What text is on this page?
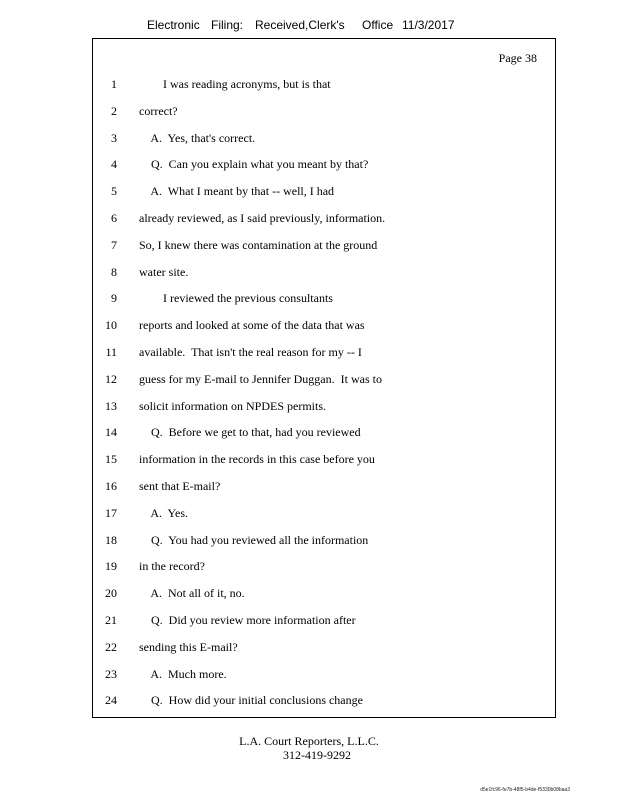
Electronic Filing: Received,Clerk's Office 11/3/2017
Page 38
1 I was reading acronyms, but is that
2 correct?
3 A.  Yes, that's correct.
4 Q.  Can you explain what you meant by that?
5 A.  What I meant by that -- well, I had
6 already reviewed, as I said previously, information.
7 So, I knew there was contamination at the ground
8 water site.
9 I reviewed the previous consultants
10 reports and looked at some of the data that was
11 available.  That isn't the real reason for my -- I
12 guess for my E-mail to Jennifer Duggan.  It was to
13 solicit information on NPDES permits.
14 Q.  Before we get to that, had you reviewed
15 information in the records in this case before you
16 sent that E-mail?
17 A.  Yes.
18 Q.  You had you reviewed all the information
19 in the record?
20 A.  Not all of it, no.
21 Q.  Did you review more information after
22 sending this E-mail?
23 A.  Much more.
24 Q.  How did your initial conclusions change
L.A. Court Reporters, L.L.C.
312-419-9292
d5e1fc96-fe7b-48f5-b4de-f5330b08baa3
